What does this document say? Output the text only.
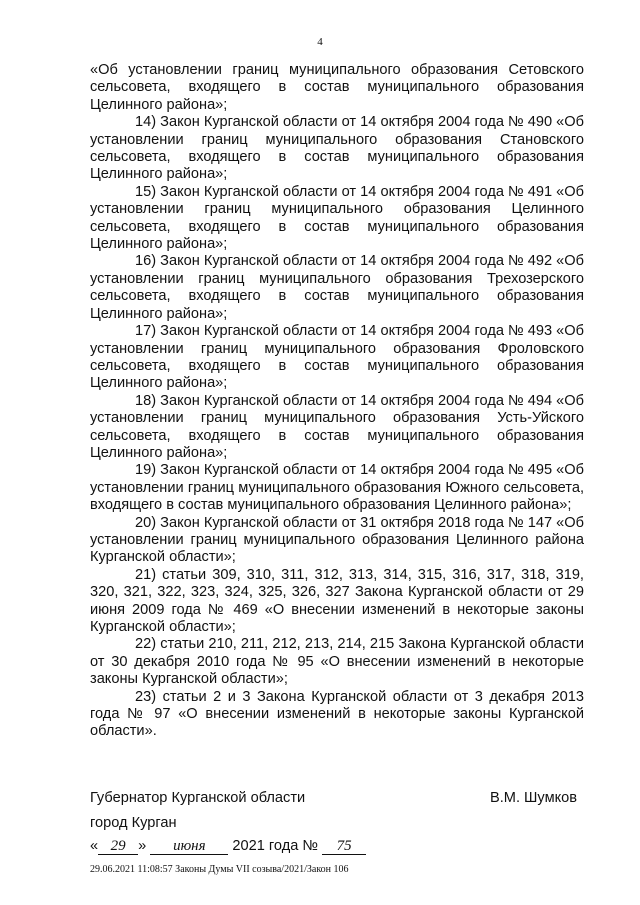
4

«Об установлении границ муниципального образования Сетовского сельсовета, входящего в состав муниципального образования Целинного района»;

14) Закон Курганской области от 14 октября 2004 года № 490 «Об установлении границ муниципального образования Становского сельсовета, входящего в состав муниципального образования Целинного района»;

15) Закон Курганской области от 14 октября 2004 года № 491 «Об установлении границ муниципального образования Целинного сельсовета, входящего в состав муниципального образования Целинного района»;

16) Закон Курганской области от 14 октября 2004 года № 492 «Об установлении границ муниципального образования Трехозерского сельсовета, входящего в состав муниципального образования Целинного района»;

17) Закон Курганской области от 14 октября 2004 года № 493 «Об установлении границ муниципального образования Фроловского сельсовета, входящего в состав муниципального образования Целинного района»;

18) Закон Курганской области от 14 октября 2004 года № 494 «Об установлении границ муниципального образования Усть-Уйского сельсовета, входящего в состав муниципального образования Целинного района»;

19) Закон Курганской области от 14 октября 2004 года № 495 «Об установлении границ муниципального образования Южного сельсовета, входящего в состав муниципального образования Целинного района»;

20) Закон Курганской области от 31 октября 2018 года № 147 «Об установлении границ муниципального образования Целинного района Курганской области»;

21) статьи 309, 310, 311, 312, 313, 314, 315, 316, 317, 318, 319, 320, 321, 322, 323, 324, 325, 326, 327 Закона Курганской области от 29 июня 2009 года № 469 «О внесении изменений в некоторые законы Курганской области»;

22) статьи 210, 211, 212, 213, 214, 215 Закона Курганской области от 30 декабря 2010 года № 95 «О внесении изменений в некоторые законы Курганской области»;

23) статьи 2 и 3 Закона Курганской области от 3 декабря 2013 года № 97 «О внесении изменений в некоторые законы Курганской области».

Губернатор Курганской области	В.М. Шумков
город Курган
« 29 » июня 2021 года № 75
29.06.2021 11:08:57 Законы Думы VII созыва/2021/Закон 106
